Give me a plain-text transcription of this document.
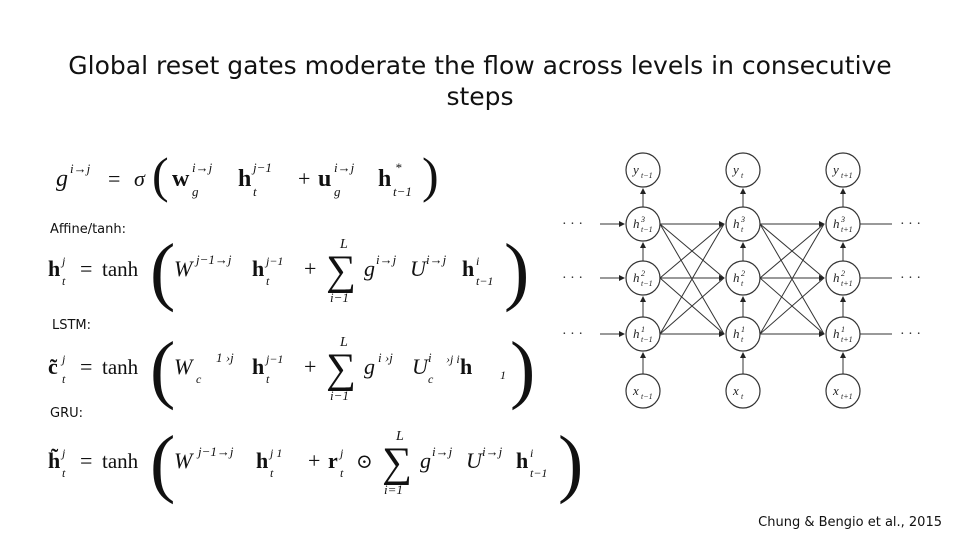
Global reset gates moderate the flow across levels in consecutive steps
g i→j = σ ( w g
i→j h t
j−1 + u g
i→j h t−1
* )
Affine/tanh:
LSTM:
GRU:
h t
j = tanh (
W j−1→j h t
j−1 +
L
∑
i−1
g i→j U i→j h t−1
i )
c̃ t
j = tanh (
W c
1 ›j h t
j−1 +
L
∑
i−1
g i ›j U c
i h 1
›j i )
h̃ t
j = tanh (
W j−1→j h t
j 1 + r t
j ⊙
L
∑
i=1
g i→j U i→j h t−1
i )
· · ·	· · ·
· · ·	· · ·
· · ·	· · ·
y t−1
h 3
t−1
h 2
t−1
h 1
t−1
x t−1
y t
h 3
t
h 2
t
h 1
t
x t
y t+1
h 3
t+1
h 2
t+1
h 1
t+1
x t+1
Chung & Bengio et al., 2015
